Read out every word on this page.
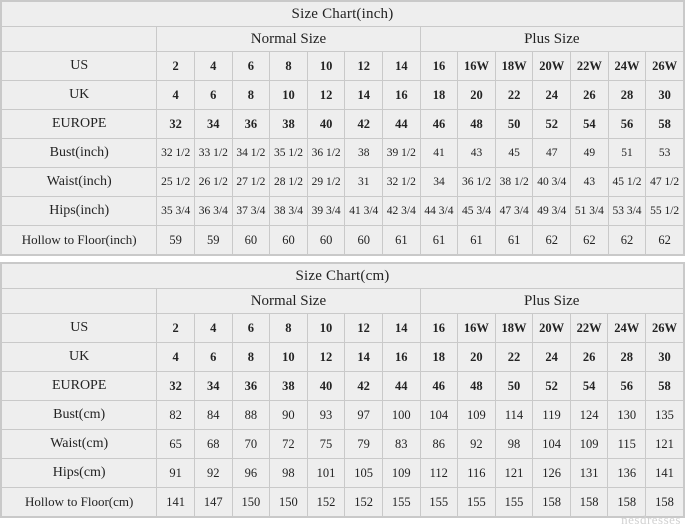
Size Chart(inch)														
	Normal Size							Plus Size						
US	2	4	6	8	10	12	14	16	16W	18W	20W	22W	24W	26W
UK	4	6	8	10	12	14	16	18	20	22	24	26	28	30
EUROPE	32	34	36	38	40	42	44	46	48	50	52	54	56	58
Bust(inch)	32 1/2	33 1/2	34 1/2	35 1/2	36 1/2	38	39 1/2	41	43	45	47	49	51	53
Waist(inch)	25 1/2	26 1/2	27 1/2	28 1/2	29 1/2	31	32 1/2	34	36 1/2	38 1/2	40 3/4	43	45 1/2	47 1/2
Hips(inch)	35 3/4	36 3/4	37 3/4	38 3/4	39 3/4	41 3/4	42 3/4	44 3/4	45 3/4	47 3/4	49 3/4	51 3/4	53 3/4	55 1/2
Hollow to Floor(inch)	59	59	60	60	60	60	61	61	61	61	62	62	62	62
Size Chart(cm)														
	Normal Size							Plus Size						
US	2	4	6	8	10	12	14	16	16W	18W	20W	22W	24W	26W
UK	4	6	8	10	12	14	16	18	20	22	24	26	28	30
EUROPE	32	34	36	38	40	42	44	46	48	50	52	54	56	58
Bust(cm)	82	84	88	90	93	97	100	104	109	114	119	124	130	135
Waist(cm)	65	68	70	72	75	79	83	86	92	98	104	109	115	121
Hips(cm)	91	92	96	98	101	105	109	112	116	121	126	131	136	141
Hollow to Floor(cm)	141	147	150	150	152	152	155	155	155	155	158	158	158	158
nesdresses
